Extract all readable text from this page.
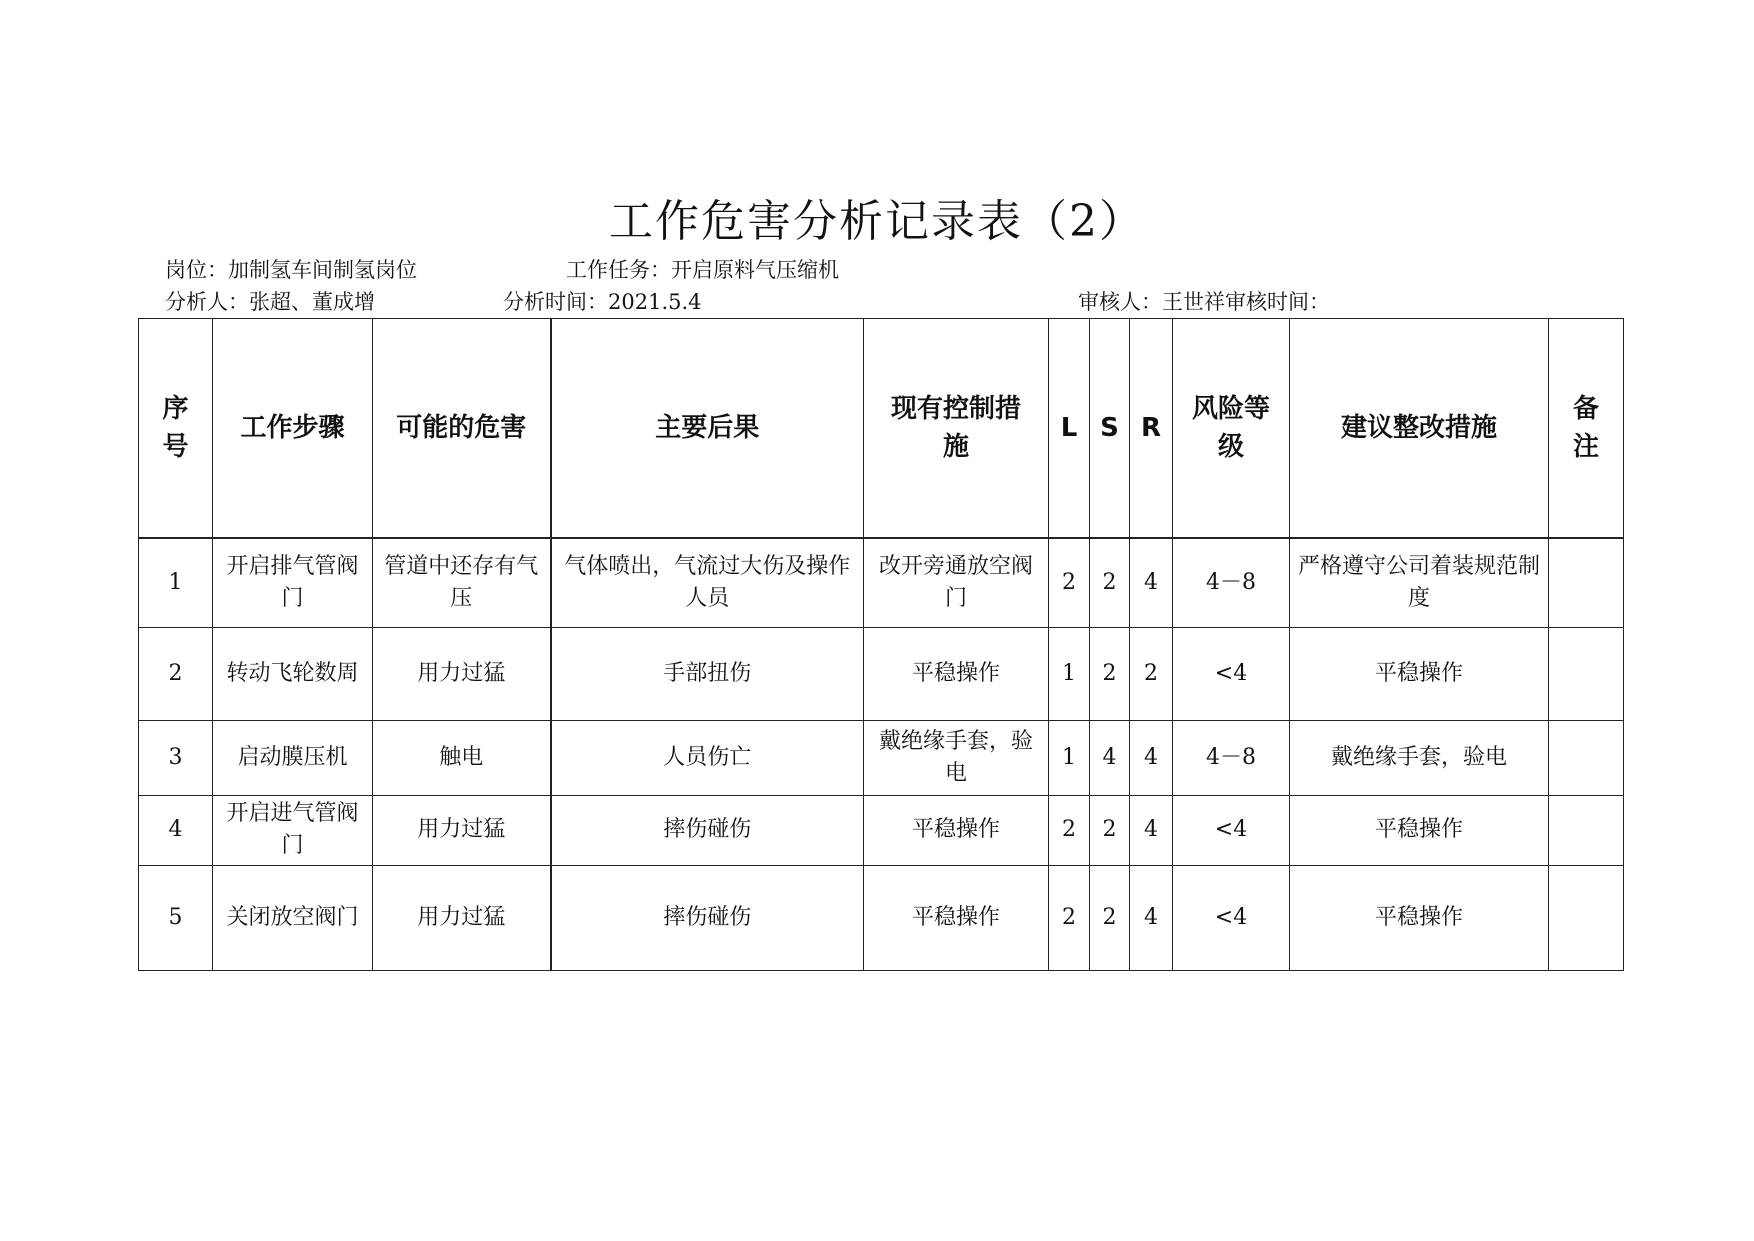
工作危害分析记录表（2）
岗位：加制氢车间制氢岗位	工作任务：开启原料气压缩机
分析人：张超、董成增	分析时间：2021.5.4	审核人：王世祥审核时间：
序号	工作步骤	可能的危害	主要后果	现有控制措施	L	S	R	风险等级	建议整改措施	备注
1	开启排气管阀门	管道中还存有气压	气体喷出，气流过大伤及操作人员	改开旁通放空阀门	2	2	4	4－8	严格遵守公司着装规范制度	
2	转动飞轮数周	用力过猛	手部扭伤	平稳操作	1	2	2	<4	平稳操作	
3	启动膜压机	触电	人员伤亡	戴绝缘手套，验电	1	4	4	4－8	戴绝缘手套，验电	
4	开启进气管阀门	用力过猛	摔伤碰伤	平稳操作	2	2	4	<4	平稳操作	
5	关闭放空阀门	用力过猛	摔伤碰伤	平稳操作	2	2	4	<4	平稳操作	
